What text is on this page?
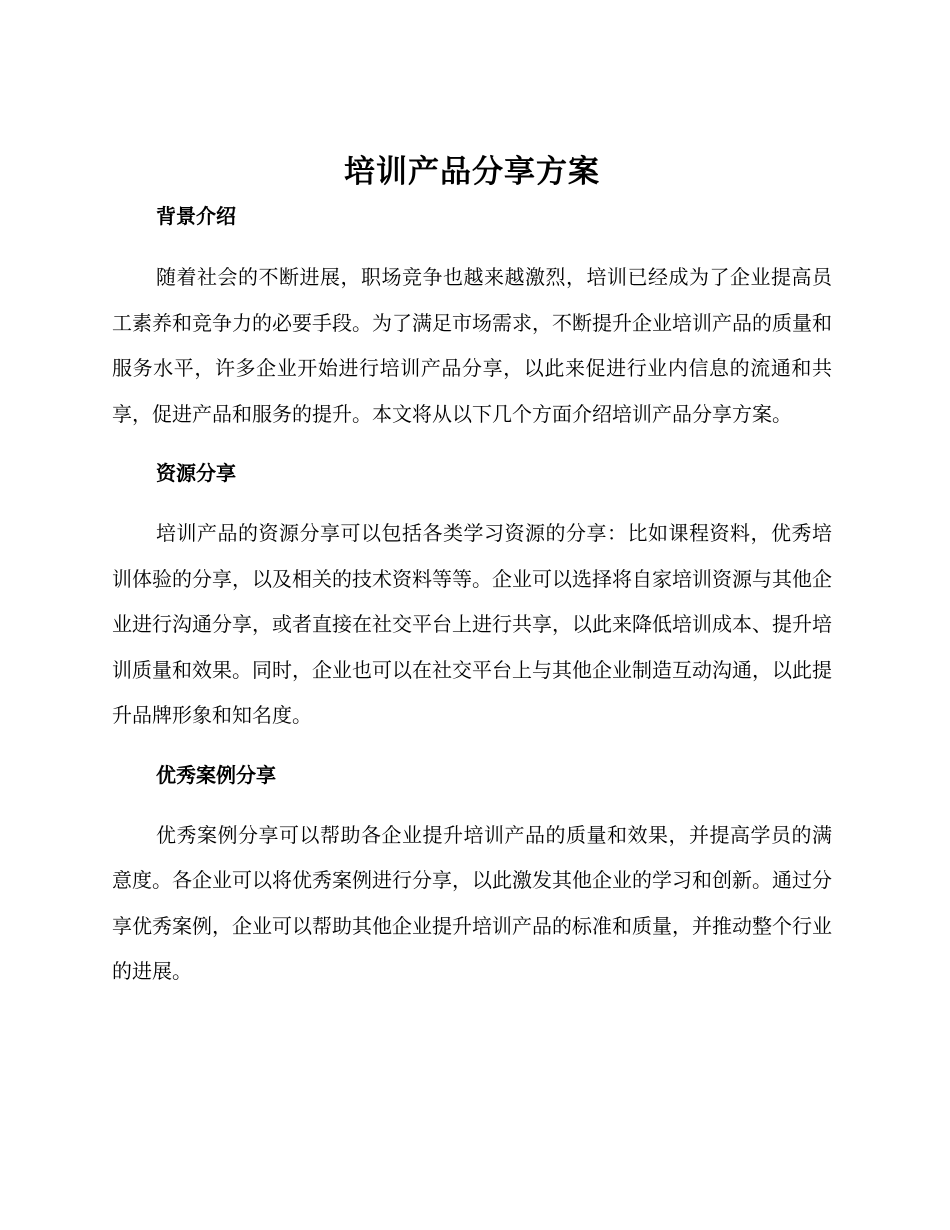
培训产品分享方案
背景介绍

随着社会的不断进展，职场竞争也越来越激烈，培训已经成为了企业提高员工素养和竞争力的必要手段。为了满足市场需求，不断提升企业培训产品的质量和服务水平，许多企业开始进行培训产品分享，以此来促进行业内信息的流通和共享，促进产品和服务的提升。本文将从以下几个方面介绍培训产品分享方案。

资源分享

培训产品的资源分享可以包括各类学习资源的分享：比如课程资料，优秀培训体验的分享，以及相关的技术资料等等。企业可以选择将自家培训资源与其他企业进行沟通分享，或者直接在社交平台上进行共享，以此来降低培训成本、提升培训质量和效果。同时，企业也可以在社交平台上与其他企业制造互动沟通，以此提升品牌形象和知名度。

优秀案例分享

优秀案例分享可以帮助各企业提升培训产品的质量和效果，并提高学员的满意度。各企业可以将优秀案例进行分享，以此激发其他企业的学习和创新。通过分享优秀案例，企业可以帮助其他企业提升培训产品的标准和质量，并推动整个行业的进展。
